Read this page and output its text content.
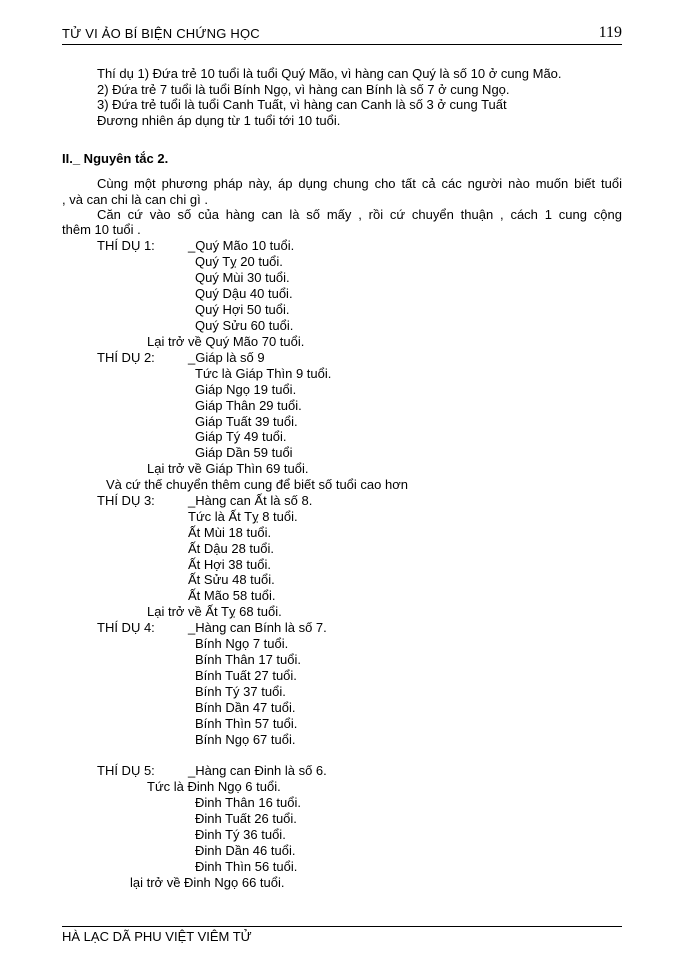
TỬ VI ẢO BÍ BIỆN CHỨNG HỌC	119
Thí dụ 1) Đứa trẻ 10 tuổi là tuổi Quý Mão, vì hàng can Quý là số 10 ở cung Mão.
2) Đứa trẻ 7 tuổi là tuổi Bính Ngọ, vì hàng can Bính là số 7 ở cung Ngọ.
3) Đứa trẻ tuổi là tuổi Canh Tuất, vì hàng can Canh là số 3 ở cung Tuất
Đương nhiên áp dụng từ 1 tuổi tới 10 tuổi.
II._ Nguyên tắc 2.
Cùng một phương pháp này, áp dụng chung cho tất cả các người nào muốn biết tuổi
, và can chi là can chi gì .
Căn cứ vào số của hàng can là số mấy , rồi cứ chuyển thuận , cách 1 cung cộng
thêm 10 tuổi .
THÍ DỤ 1:	_Quý Mão 10 tuổi.
Quý Tỵ 20 tuổi.
Quý Mùi 30 tuổi.
Quý Dậu 40 tuổi.
Quý Hợi 50 tuổi.
Quý Sửu 60 tuổi.
Lại trở về Quý Mão 70 tuổi.
THÍ DỤ 2:	_Giáp là số 9
Tức là Giáp Thìn 9 tuổi.
Giáp Ngọ 19 tuổi.
Giáp Thân 29 tuổi.
Giáp Tuất 39 tuổi.
Giáp Tý 49 tuổi.
Giáp Dần 59 tuổi
Lại trở về Giáp Thìn 69 tuổi.
Và cứ thế chuyển thêm cung để biết số tuổi cao hơn
THÍ DỤ 3:	_Hàng can Ất là số 8.
Tức là Ất Tỵ 8 tuổi.
Ất Mùi 18 tuổi.
Ất Dậu 28 tuổi.
Ất Hợi 38 tuổi.
Ất Sửu 48 tuổi.
Ất Mão 58 tuổi.
Lại trở về Ất Tỵ 68 tuổi.
THÍ DỤ 4:	_Hàng can Bính là số 7.
Bính Ngọ 7 tuổi.
Bính Thân 17 tuổi.
Bính Tuất 27 tuổi.
Bính Tý 37 tuổi.
Bính Dần 47 tuổi.
Bính Thìn 57 tuổi.
Bính Ngọ 67 tuổi.
THÍ DỤ 5:	_Hàng can Đinh là số 6.
Tức là Đinh Ngọ 6 tuổi.
Đinh Thân 16 tuổi.
Đinh Tuất 26 tuổi.
Đinh Tý 36 tuổi.
Đinh Dần 46 tuổi.
Đinh Thìn 56 tuổi.
lại trở về Đinh Ngọ 66 tuổi.
HÀ LẠC DÃ PHU VIỆT VIÊM TỬ
